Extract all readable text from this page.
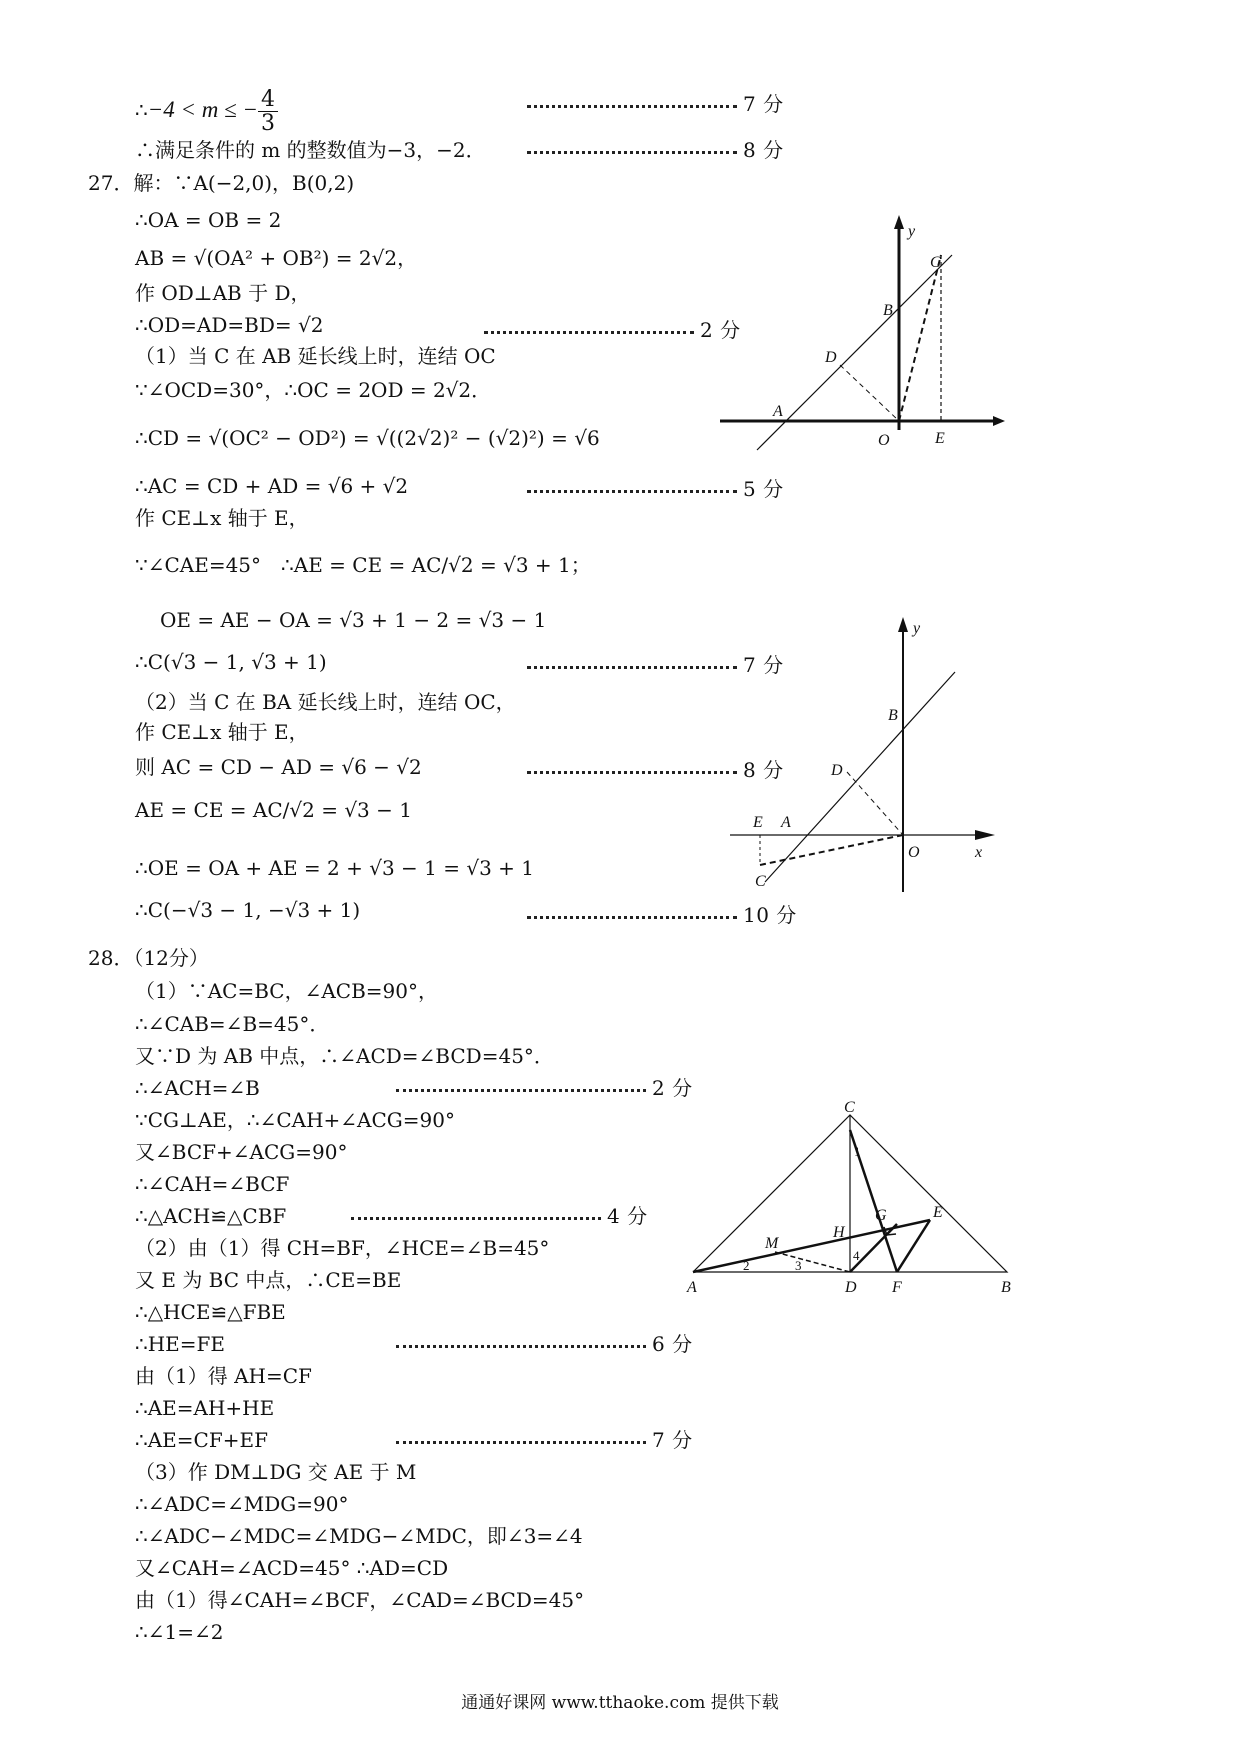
∴−4 < m ≤ − $\frac{4}{3}$	7 分
∴满足条件的 m 的整数值为−3，−2．	8 分
27．解：∵A(−2,0)，B(0,2)
∴OA = OB = 2
AB = √(OA² + OB²) = 2√2，
作 OD⊥AB 于 D，
∴OD=AD=BD= √2	2 分
（1）当 C 在 AB 延长线上时，连结 OC
∵∠OCD=30°，∴OC = 2OD = 2√2．
∴CD = √(OC² − OD²) = √((2√2)² − (√2)²) = √6
∴AC = CD + AD = √6 + √2	5 分
作 CE⊥x 轴于 E，
∵∠CAE=45°　∴AE = CE = AC/√2 = √3 + 1；
OE = AE − OA = √3 + 1 − 2 = √3 − 1
∴C(√3 − 1, √3 + 1)	7 分
（2）当 C 在 BA 延长线上时，连结 OC，
作 CE⊥x 轴于 E，
则 AC = CD − AD = √6 − √2	8 分
AE = CE = AC/√2 = √3 − 1
∴OE = OA + AE = 2 + √3 − 1 = √3 + 1
∴C(−√3 − 1, −√3 + 1)	10 分
y
C
B
D
A
O	E
y
B
D
E A
O	x
C
28．（12分）
（1）∵AC=BC，∠ACB=90°，
∴∠CAB=∠B=45°．
又∵D 为 AB 中点，∴∠ACD=∠BCD=45°．
∴∠ACH=∠B	2 分
∵CG⊥AE，∴∠CAH+∠ACG=90°
又∠BCF+∠ACG=90°
∴∠CAH=∠BCF
∴△ACH≌△CBF	4 分
（2）由（1）得 CH=BF，∠HCE=∠B=45°
又 E 为 BC 中点，∴CE=BE
∴△HCE≌△FBE
∴HE=FE	6 分
由（1）得 AH=CF
∴AE=AH+HE
∴AE=CF+EF	7 分
（3）作 DM⊥DG 交 AE 于 M
∴∠ADC=∠MDG=90°
∴∠ADC−∠MDC=∠MDG−∠MDC，即∠3=∠4
又∠CAH=∠ACD=45° ∴AD=CD
由（1）得∠CAH=∠BCF，∠CAD=∠BCD=45°
∴∠1=∠2
C
E
G
H
M
A	D F	B
1
2	3
4
通通好课网 www.tthaoke.com 提供下载
